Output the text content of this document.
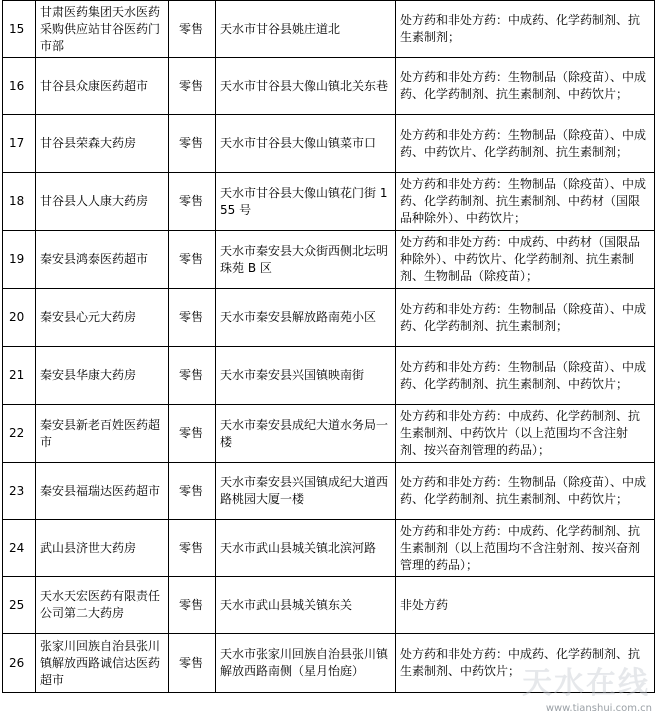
15	甘肃医药集团天水医药采购供应站甘谷医药门市部	零售	天水市甘谷县姚庄道北	处方药和非处方药：中成药、化学药制剂、抗生素制剂；
16	甘谷县众康医药超市	零售	天水市甘谷县大像山镇北关东巷	处方药和非处方药：生物制品（除疫苗）、中成药、化学药制剂、抗生素制剂、中药饮片；
17	甘谷县荣森大药房	零售	天水市甘谷县大像山镇菜市口	处方药和非处方药：生物制品（除疫苗）、中成药、中药饮片、化学药制剂、抗生素制剂；
18	甘谷县人人康大药房	零售	天水市甘谷县大像山镇花门街 155 号	处方药和非处方药：生物制品（除疫苗）、中成药、化学药制剂、抗生素制剂、中药材（国限品种除外）、中药饮片；
19	秦安县鸿泰医药超市	零售	天水市秦安县大众街西侧北坛明珠苑 B 区	处方药和非处方药：中成药、中药材（国限品种除外）、中药饮片、化学药制剂、抗生素制剂、生物制品（除疫苗）；
20	秦安县心元大药房	零售	天水市秦安县解放路南苑小区	处方药和非处方药：生物制品（除疫苗）、中成药、化学药制剂、抗生素制剂；
21	秦安县华康大药房	零售	天水市秦安县兴国镇映南街	处方药和非处方药：生物制品（除疫苗）、中成药、化学药制剂、抗生素制剂、中药饮片；
22	秦安县新老百姓医药超市	零售	天水市秦安县成纪大道水务局一楼	处方药和非处方药：中成药、化学药制剂、抗生素制剂、中药饮片（以上范围均不含注射剂、按兴奋剂管理的药品）；
23	秦安县福瑞达医药超市	零售	天水市秦安县兴国镇成纪大道西路桃园大厦一楼	处方药和非处方药：生物制品（除疫苗）、中成药、化学药制剂、抗生素制剂、中药饮片；
24	武山县济世大药房	零售	天水市武山县城关镇北滨河路	处方药和非处方药：中成药、化学药制剂、抗生素制剂（以上范围均不含注射剂、按兴奋剂管理的药品）；
25	天水天宏医药有限责任公司第二大药房	零售	天水市武山县城关镇东关	非处方药
26	张家川回族自治县张川镇解放西路诚信达医药超市	零售	天水市张家川回族自治县张川镇解放西路南侧（星月怡庭）	处方药和非处方药：中成药、化学药制剂、抗生素制剂、中药饮片； 天水在线
www.tianshui.com.cn
